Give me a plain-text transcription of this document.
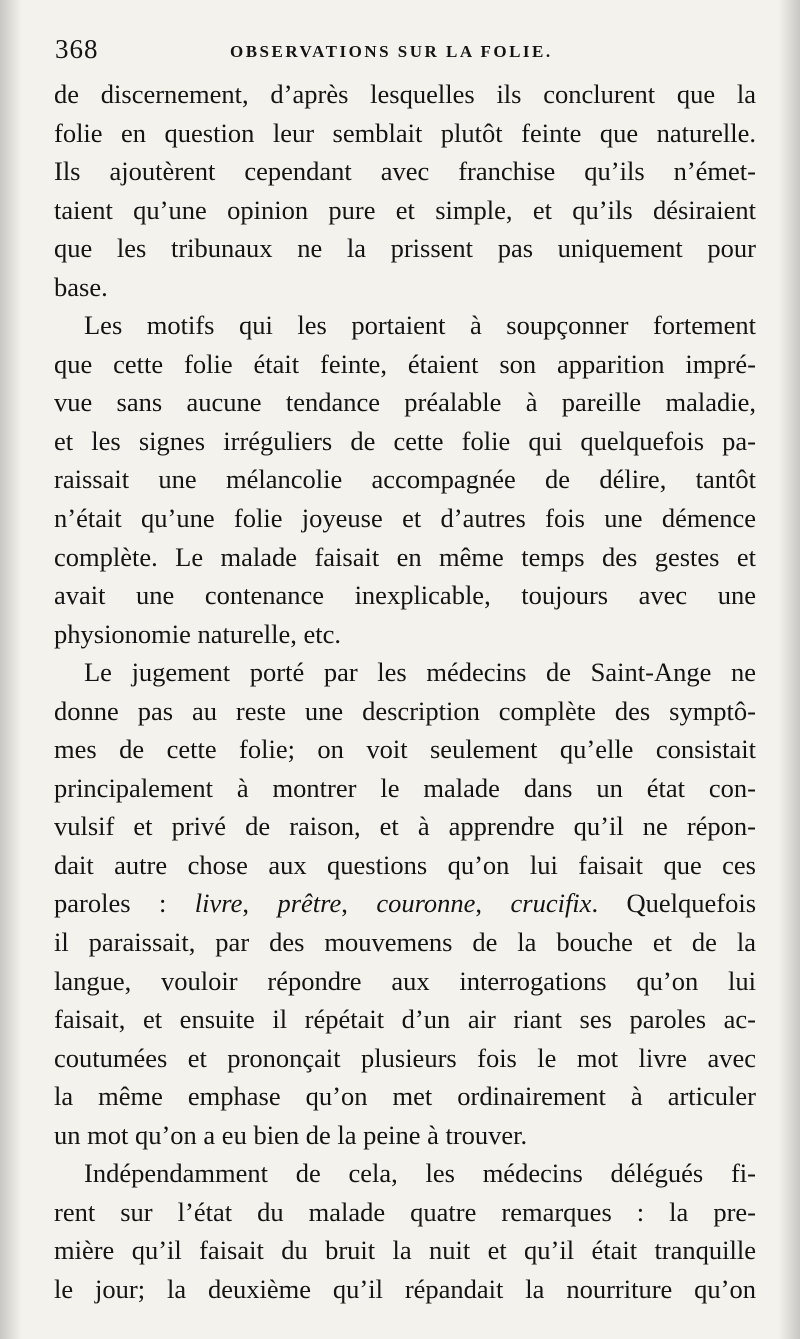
368	OBSERVATIONS SUR LA FOLIE.
de discernement, d’après lesquelles ils conclurent que la
folie en question leur semblait plutôt feinte que naturelle.
Ils ajoutèrent cependant avec franchise qu’ils n’émet-
taient qu’une opinion pure et simple, et qu’ils désiraient
que les tribunaux ne la prissent pas uniquement pour
base.
Les motifs qui les portaient à soupçonner fortement
que cette folie était feinte, étaient son apparition impré-
vue sans aucune tendance préalable à pareille maladie,
et les signes irréguliers de cette folie qui quelquefois pa-
raissait une mélancolie accompagnée de délire, tantôt
n’était qu’une folie joyeuse et d’autres fois une démence
complète. Le malade faisait en même temps des gestes et
avait une contenance inexplicable, toujours avec une
physionomie naturelle, etc.
Le jugement porté par les médecins de Saint-Ange ne
donne pas au reste une description complète des symptô-
mes de cette folie; on voit seulement qu’elle consistait
principalement à montrer le malade dans un état con-
vulsif et privé de raison, et à apprendre qu’il ne répon-
dait autre chose aux questions qu’on lui faisait que ces
paroles : livre, prêtre, couronne, crucifix. Quelquefois
il paraissait, par des mouvemens de la bouche et de la
langue, vouloir répondre aux interrogations qu’on lui
faisait, et ensuite il répétait d’un air riant ses paroles ac-
coutumées et prononçait plusieurs fois le mot livre avec
la même emphase qu’on met ordinairement à articuler
un mot qu’on a eu bien de la peine à trouver.
Indépendamment de cela, les médecins délégués fi-
rent sur l’état du malade quatre remarques : la pre-
mière qu’il faisait du bruit la nuit et qu’il était tranquille
le jour; la deuxième qu’il répandait la nourriture qu’on
